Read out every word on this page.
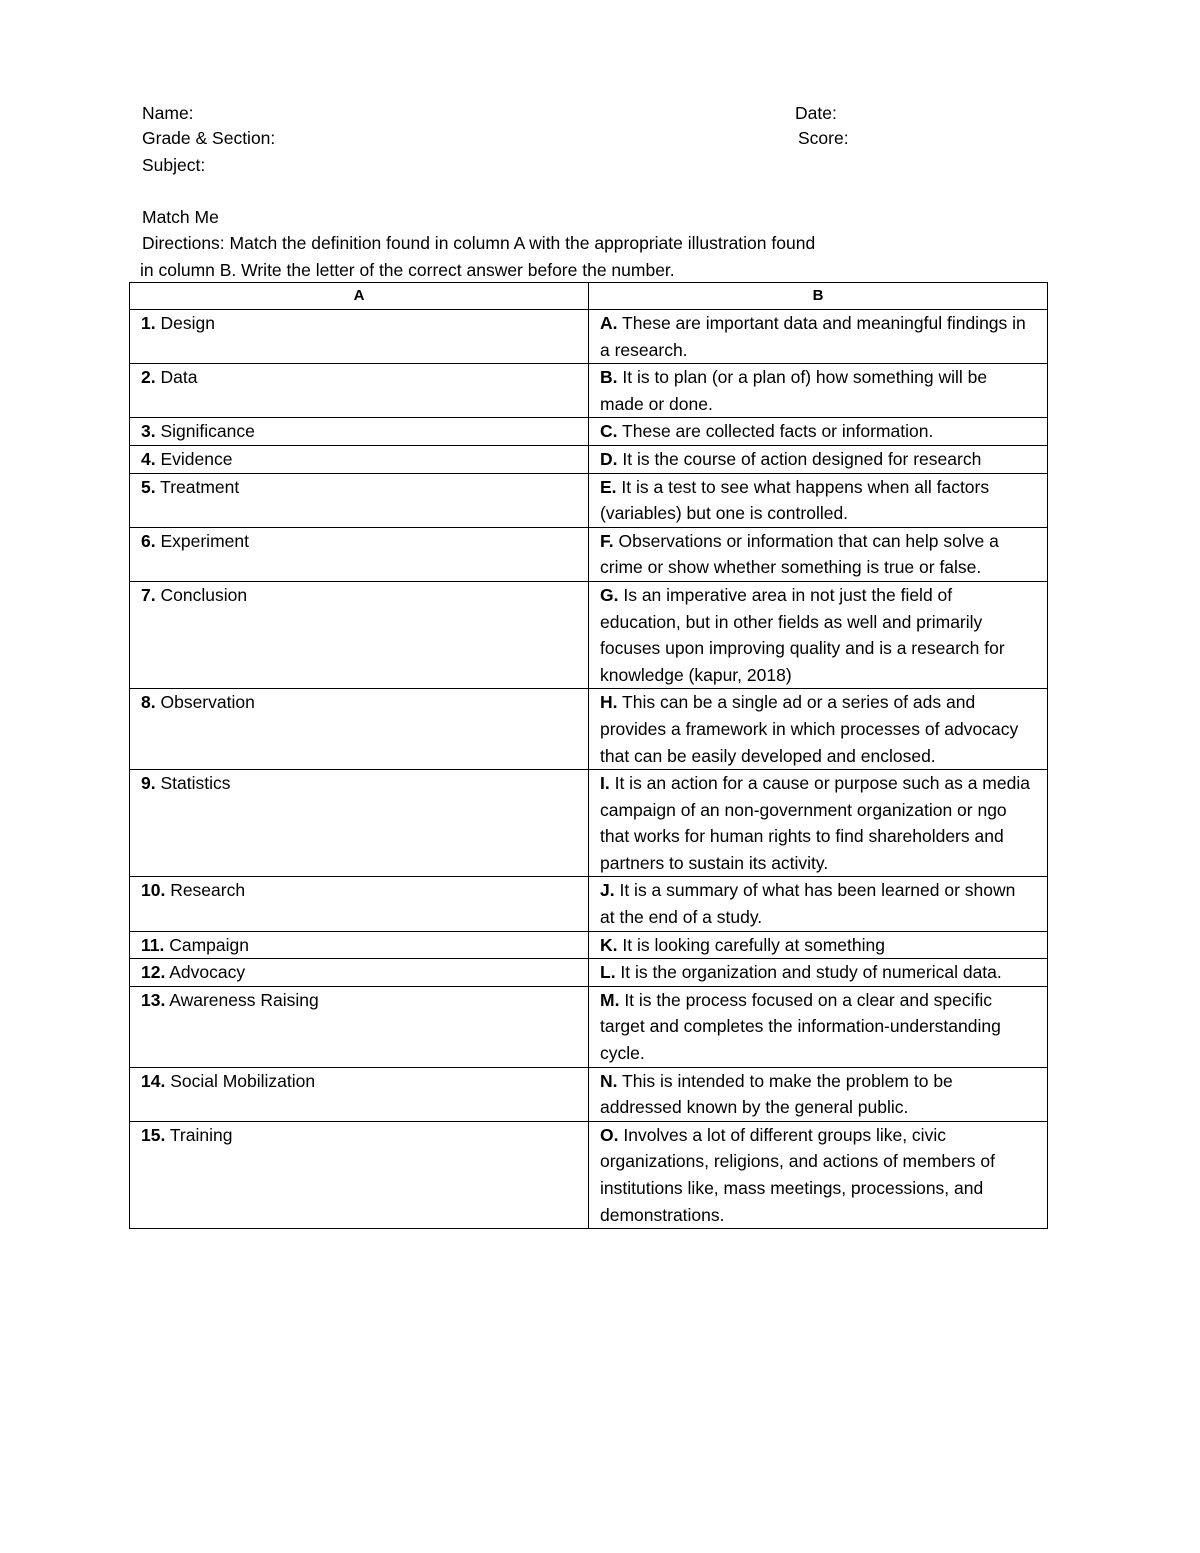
Name:	Date:
Grade & Section:	Score:
Subject:
Match Me
Directions: Match the definition found in column A with the appropriate illustration found
in column B. Write the letter of the correct answer before the number.
A	B
1. Design	A. These are important data and meaningful findings in a research.
2. Data	B. It is to plan (or a plan of) how something will be made or done.
3. Significance	C. These are collected facts or information.
4. Evidence	D. It is the course of action designed for research
5. Treatment	E. It is a test to see what happens when all factors (variables) but one is controlled.
6. Experiment	F. Observations or information that can help solve a crime or show whether something is true or false.
7. Conclusion	G. Is an imperative area in not just the field of education, but in other fields as well and primarily focuses upon improving quality and is a research for knowledge (kapur, 2018)
8. Observation	H. This can be a single ad or a series of ads and provides a framework in which processes of advocacy that can be easily developed and enclosed.
9. Statistics	I. It is an action for a cause or purpose such as a media campaign of an non-government organization or ngo that works for human rights to find shareholders and partners to sustain its activity.
10. Research	J. It is a summary of what has been learned or shown at the end of a study.
11. Campaign	K. It is looking carefully at something
12. Advocacy	L. It is the organization and study of numerical data.
13. Awareness Raising	M. It is the process focused on a clear and specific target and completes the information-understanding cycle.
14. Social Mobilization	N. This is intended to make the problem to be addressed known by the general public.
15. Training	O. Involves a lot of different groups like, civic organizations, religions, and actions of members of institutions like, mass meetings, processions, and demonstrations.
